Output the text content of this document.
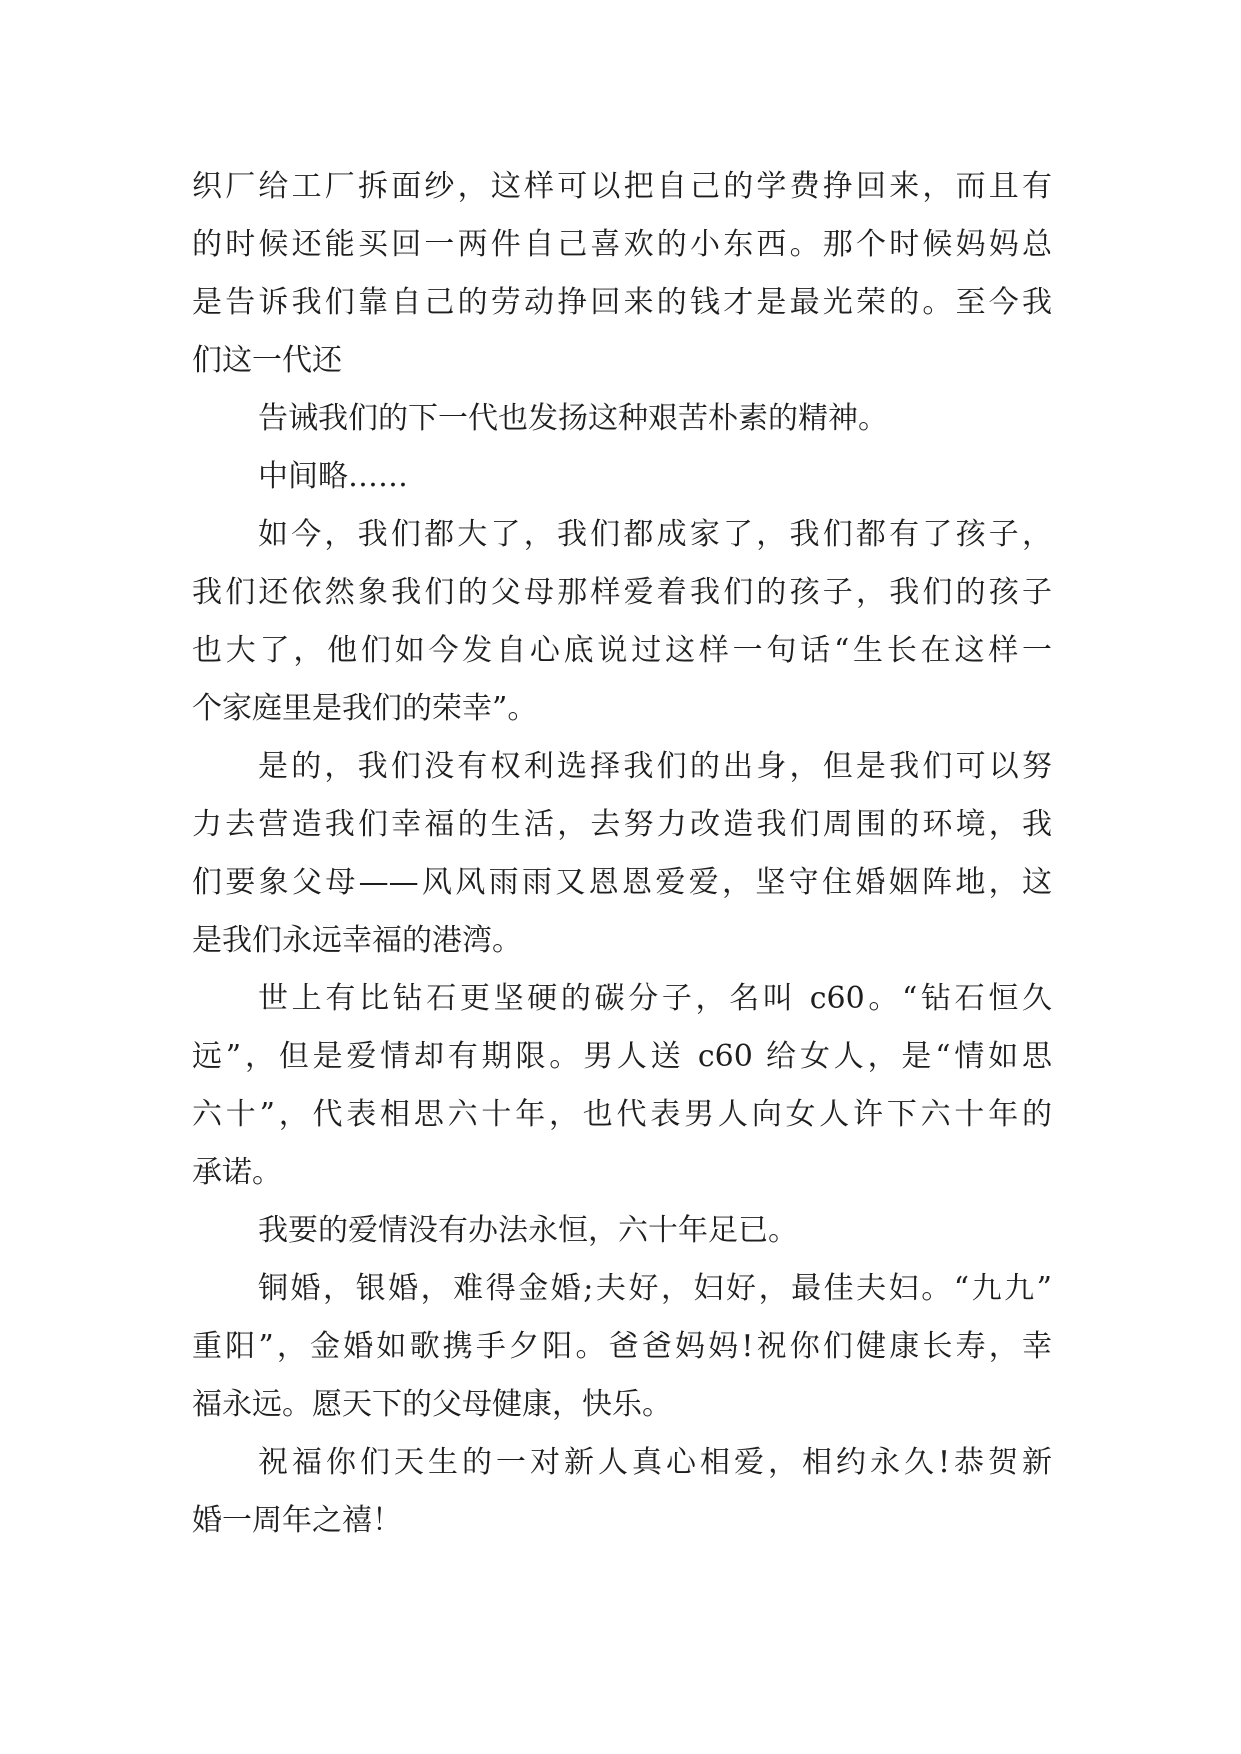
织厂给工厂拆面纱，这样可以把自己的学费挣回来，而且有
的时候还能买回一两件自己喜欢的小东西。那个时候妈妈总
是告诉我们靠自己的劳动挣回来的钱才是最光荣的。至今我
们这一代还
告诫我们的下一代也发扬这种艰苦朴素的精神。
中间略……
如今，我们都大了，我们都成家了，我们都有了孩子，
我们还依然象我们的父母那样爱着我们的孩子，我们的孩子
也大了，他们如今发自心底说过这样一句话“生长在这样一
个家庭里是我们的荣幸”。
是的，我们没有权利选择我们的出身，但是我们可以努
力去营造我们幸福的生活，去努力改造我们周围的环境，我
们要象父母——风风雨雨又恩恩爱爱，坚守住婚姻阵地，这
是我们永远幸福的港湾。
世上有比钻石更坚硬的碳分子，名叫 c60。“钻石恒久
远”，但是爱情却有期限。男人送 c60 给女人，是“情如思
六十”，代表相思六十年，也代表男人向女人许下六十年的
承诺。
我要的爱情没有办法永恒，六十年足已。
铜婚，银婚，难得金婚;夫好，妇好，最佳夫妇。“九九”
重阳”，金婚如歌携手夕阳。爸爸妈妈!祝你们健康长寿，幸
福永远。愿天下的父母健康，快乐。
祝福你们天生的一对新人真心相爱，相约永久!恭贺新
婚一周年之禧！
